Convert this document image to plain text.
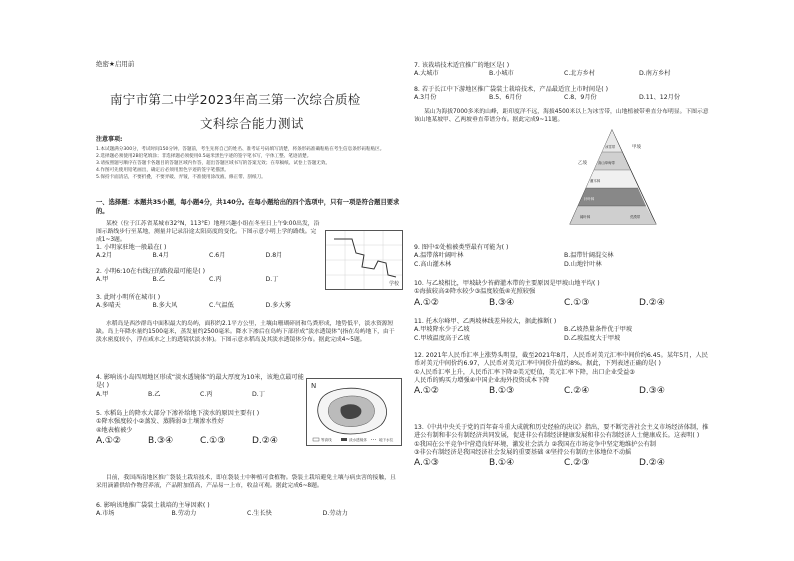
绝密★启用前
南宁市第二中学2023年高三第一次综合质检
文科综合能力测试
注意事项:
1.本试题满分300分，考试时间150分钟。答题前，考生先将自己的姓名、准考证号码填写清楚，将条形码准确粘贴在考生信息条形码粘贴区。
2.选择题必须使用2B铅笔填涂；非选择题必须使用0.5毫米黑色字迹的签字笔书写，字体工整、笔迹清楚。
3.请按照题号顺序在答题卡各题目的答题区域内作答，超出答题区域书写的答案无效；在草稿纸、试卷上答题无效。
4.作图可先使用铅笔画出，确定后必须用黑色字迹的签字笔描黑。
5.保持卡面清洁，不要折叠，不要弄破、弄皱，不准使用涂改液、修正带、刮纸刀。
一、选择题：本题共35小题，每小题4分，共140分。在每小题给出的四个选项中，只有一项是符合题目要求的。
某校（位于江苏省某城市32°N，113°E）地理兴趣小组在冬至日上午9:00出发，沿图示路线步行至某地，测量并记录沿途太阳高度的变化。下图示意小明上学的路线。完成1~3题。
1. 小明家驻地一般最在( )
A.2月	B.4月	C.6月	D.8月
2. 小明6:10在右线汪的路段最可能是( )
A.甲	B.乙	C.丙	D.丁
3. 此时小明所在城市( )
A.多晴天	B.多大风	C.气温低	D.多大雾
水稻岛是西沙群岛中面积最大的岛屿，面积约2.1平方公里，土壤由珊瑚碎屑和鸟粪形成，地势低平，淡水资源短缺。岛上年降水量约1500毫米，蒸发量约2500毫米。降水下渗后在岛屿下部形成“淡水透镜体”(指在岛屿地下，由于淡水密度较小，浮在咸水之上的透镜状淡水体)。下图示意水稻岛及其淡水透镜体分布。据此完成4~5题。
4. 影响该小岛四周地区形成“淡水透镜体”的最大厚度为10米，该地点最可能是( )
A.甲	B.乙	C.丙	D.丁
5. 水稻岛上的降水大部分下渗补给地下淡水的原因主要有( )
①降水强度较小②蒸发、蒸腾弱③土壤渗水性好
④地表植被少
A.①②	B.③④	C.①③	D.②④
目前，我国西南地区推广袋装土栽培技术，即在袋装土中种植可食植物。袋装土栽培避免土壤与病虫害的接触，且采用滴灌供给作物营养液，产品附加值高，产品易一上市，收益可观。据此完成6~8题。
6. 影响该地推广袋装土栽培的主导因素( )
A.市场	B.劳动力	C.生长快	D.劳动力
学校
N
等高线	淡水透镜体	地下水位
7. 该栽培技术适宜推广的地区是( )
A.大城市	B.小城市	C.北方乡村	D.南方乡村
8. 若于长江中下游地区推广袋装土栽培技术，产品最适宜上市时间是( )
A.3月份	B.5、6月份	C.8、9月份	D.11、12月份
某山为海拔7000多米的山峰，距印度洋不远，海拔4500米以上为冰雪带，山地植被带垂直分布明显。下图示意该山地某坡甲、乙两坡垂直带谱分布。据此完成9~11题。
9. 图中①处植被类型最有可能为( )
A.温带落叶阔叶林	B.温带针阔混交林
C.高山灌木林	D.山地针叶林
10. 与乙坡相比，甲坡缺少苔藓灌木带的主要原因是甲坡山地平均( )
①海拔较高②降水较少③温度较低④光照较强
A.①②	B.③④	C.①③	D.②④
11. 托木尔峰甲、乙两坡林线差异较大，据此推断( )
A.甲坡降水少于乙坡	B.乙坡热量条件优于甲坡
C.甲坡温度高于乙坡	D.乙坡温度大于甲坡
12. 2021年人民币汇率上涨势头明显，截至2021年8月，人民币对美元汇率中间价约6.45。某年5月，人民币对美元中间价约6.97，人民币对美元汇率中间价升值约8%。据此，下列表述正确的是( )
①人民币汇率上升，人民币汇率下降②美元贬值，美元汇率下降，出口企业受益③
人民币的购买力增强④中国企业海外投资成本下降
A.①②	B.①③	C.②④	D.③④
13.《中共中央关于党的百年奋斗重大成就和历史经验的决议》指出，要不断完善社会主义市场经济体制，推进公有制和非公有制经济共同发展，促进非公有制经济健康发展和非公有制经济人士健康成长。这表明( )
①我国在公平竞争中营造良好环境，激发社会活力 ②我国在市场竞争中坚定地维护公有制
③非公有制经济是我国经济社会发展的重要基础 ④坚持公有制的主体地位不动摇
A.①③	B.①④	C.②③	D.②④
甲坡
乙坡
冰雪带
高山草甸带
灌木林
针叶林
阔叶林	荒漠带
